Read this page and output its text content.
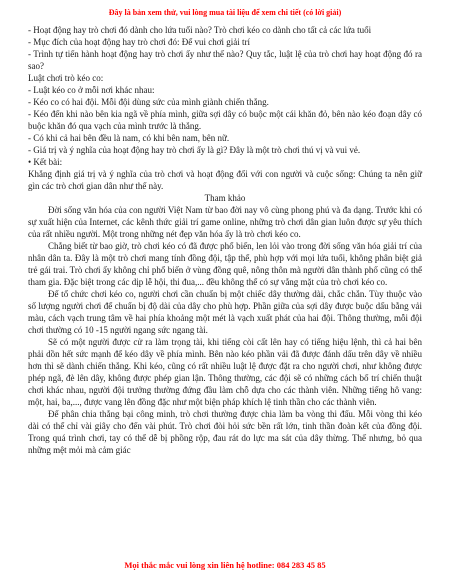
Đây là bản xem thử, vui lòng mua tài liệu để xem chi tiết (có lời giải)

- Hoạt động hay trò chơi đó dành cho lứa tuổi nào? Trò chơi kéo co dành cho tất cả các lứa tuổi

- Mục đích của hoạt động hay trò chơi đó: Để vui chơi giải trí

- Trình tự tiến hành hoạt động hay trò chơi ấy như thế nào? Quy tắc, luật lệ của trò chơi hay hoạt động đó ra sao?

Luật chơi trò kéo co:

- Luật kéo co ở mỗi nơi khác nhau:

- Kéo co có hai đội. Mỗi đội dùng sức của mình giành chiến thắng.

- Kéo đến khi nào bên kia ngã về phía mình, giữa sợi dây có buộc một cái khăn đỏ, bên nào kéo đoạn dây có buộc khăn đó qua vạch của mình trước là thắng.

- Có khi cả hai bên đều là nam, có khi bên nam, bên nữ.

- Giá trị và ý nghĩa của hoạt động hay trò chơi ấy là gì? Đây là một trò chơi thú vị và vui vẻ.

• Kết bài:

Khẳng định giá trị và ý nghĩa của trò chơi và hoạt động đối với con người và cuộc sống: Chúng ta nên giữ gìn các trò chơi gian dân như thế này.

Tham khảo

Đời sống văn hóa của con người Việt Nam từ bao đời nay vô cùng phong phú và đa dạng. Trước khi có sự xuất hiện của Internet, các kênh thức giải trí game online, những trò chơi dân gian luôn được sự yêu thích của rất nhiều người. Một trong những nét đẹp văn hóa ấy là trò chơi kéo co.

Chẳng biết từ bao giờ, trò chơi kéo có đã được phổ biến, len lỏi vào trong đời sống văn hóa giải trí của nhân dân ta. Đây là một trò chơi mang tính đồng đội, tập thể, phù hợp với mọi lứa tuổi, không phân biệt giả trẻ gái trai. Trò chơi ấy không chỉ phổ biến ở vùng đồng quê, nông thôn mà người dân thành phố cũng có thể tham gia. Đặc biệt trong các dịp lễ hội, thi đua,... đều không thể có sự vắng mặt của trò chơi kéo co.

Để tổ chức chơi kéo co, người chơi cần chuẩn bị một chiếc dây thường dài, chắc chắn. Tùy thuộc vào số lượng người chơi để chuẩn bị độ dài của dây cho phù hợp. Phần giữa của sợi dây được buộc dấu bằng vải màu, cách vạch trung tâm về hai phía khoảng một mét là vạch xuất phát của hai đội. Thông thường, mỗi đội chơi thường có 10 -15 người ngang sức ngang tài.

Sẽ có một người được cử ra làm trọng tài, khi tiếng còi cất lên hay có tiếng hiệu lệnh, thì cả hai bên phải dồn hết sức mạnh để kéo dây về phía mình. Bên nào kéo phần vải đã được đánh dấu trên dây về nhiều hơn thì sẽ dành chiến thắng. Khi kéo, cũng có rất nhiều luật lệ được đặt ra cho người chơi, như không được phép ngã, đè lên dây, không được phép gian lận. Thông thường, các đội sẽ có những cách bố trí chiến thuật chơi khác nhau, người đội trưởng thường đứng đầu làm chỗ dựa cho các thành viên. Những tiếng hô vang: một, hai, ba,..., được vang lên đồng đặc như một biện pháp khích lệ tinh thần cho các thành viên.

Để phân chia thắng bại công minh, trò chơi thường được chia làm ba vòng thi đấu. Mỗi vòng thi kéo dài có thể chỉ vài giây cho đến vài phút. Trò chơi đòi hỏi sức bền rất lớn, tinh thần đoàn kết của đồng đội. Trong quá trình chơi, tay có thể dễ bị phồng rộp, đau rát do lực ma sát của dây thừng. Thế nhưng, bỏ qua những mệt mỏi mà cảm giác

Mọi thắc mắc vui lòng xin liên hệ hotline: 084 283 45 85
